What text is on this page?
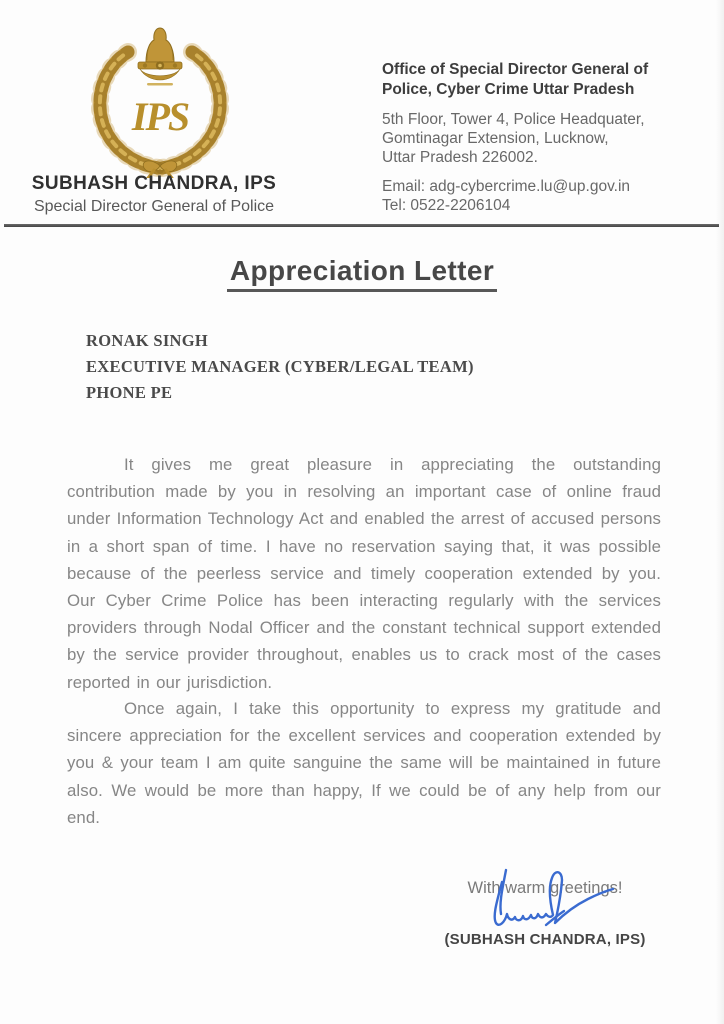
IPS
SUBHASH CHANDRA, IPS
Special Director General of Police
Office of Special Director General of
Police, Cyber Crime Uttar Pradesh
5th Floor, Tower 4, Police Headquater,
Gomtinagar Extension, Lucknow,
Uttar Pradesh 226002.
Email: adg-cybercrime.lu@up.gov.in
Tel: 0522-2206104
Appreciation Letter
RONAK SINGH
EXECUTIVE MANAGER (CYBER/LEGAL TEAM)
PHONE PE
It gives me great pleasure in appreciating the outstanding contribution made by you in resolving an important case of online fraud under Information Technology Act and enabled the arrest of accused persons in a short span of time. I have no reservation saying that, it was possible because of the peerless service and timely cooperation extended by you. Our Cyber Crime Police has been interacting regularly with the services providers through Nodal Officer and the constant technical support extended by the service provider throughout, enables us to crack most of the cases reported in our jurisdiction.
Once again, I take this opportunity to express my gratitude and sincere appreciation for the excellent services and cooperation extended by you & your team I am quite sanguine the same will be maintained in future also. We would be more than happy, If we could be of any help from our end.
With warm greetings!
(SUBHASH CHANDRA, IPS)
